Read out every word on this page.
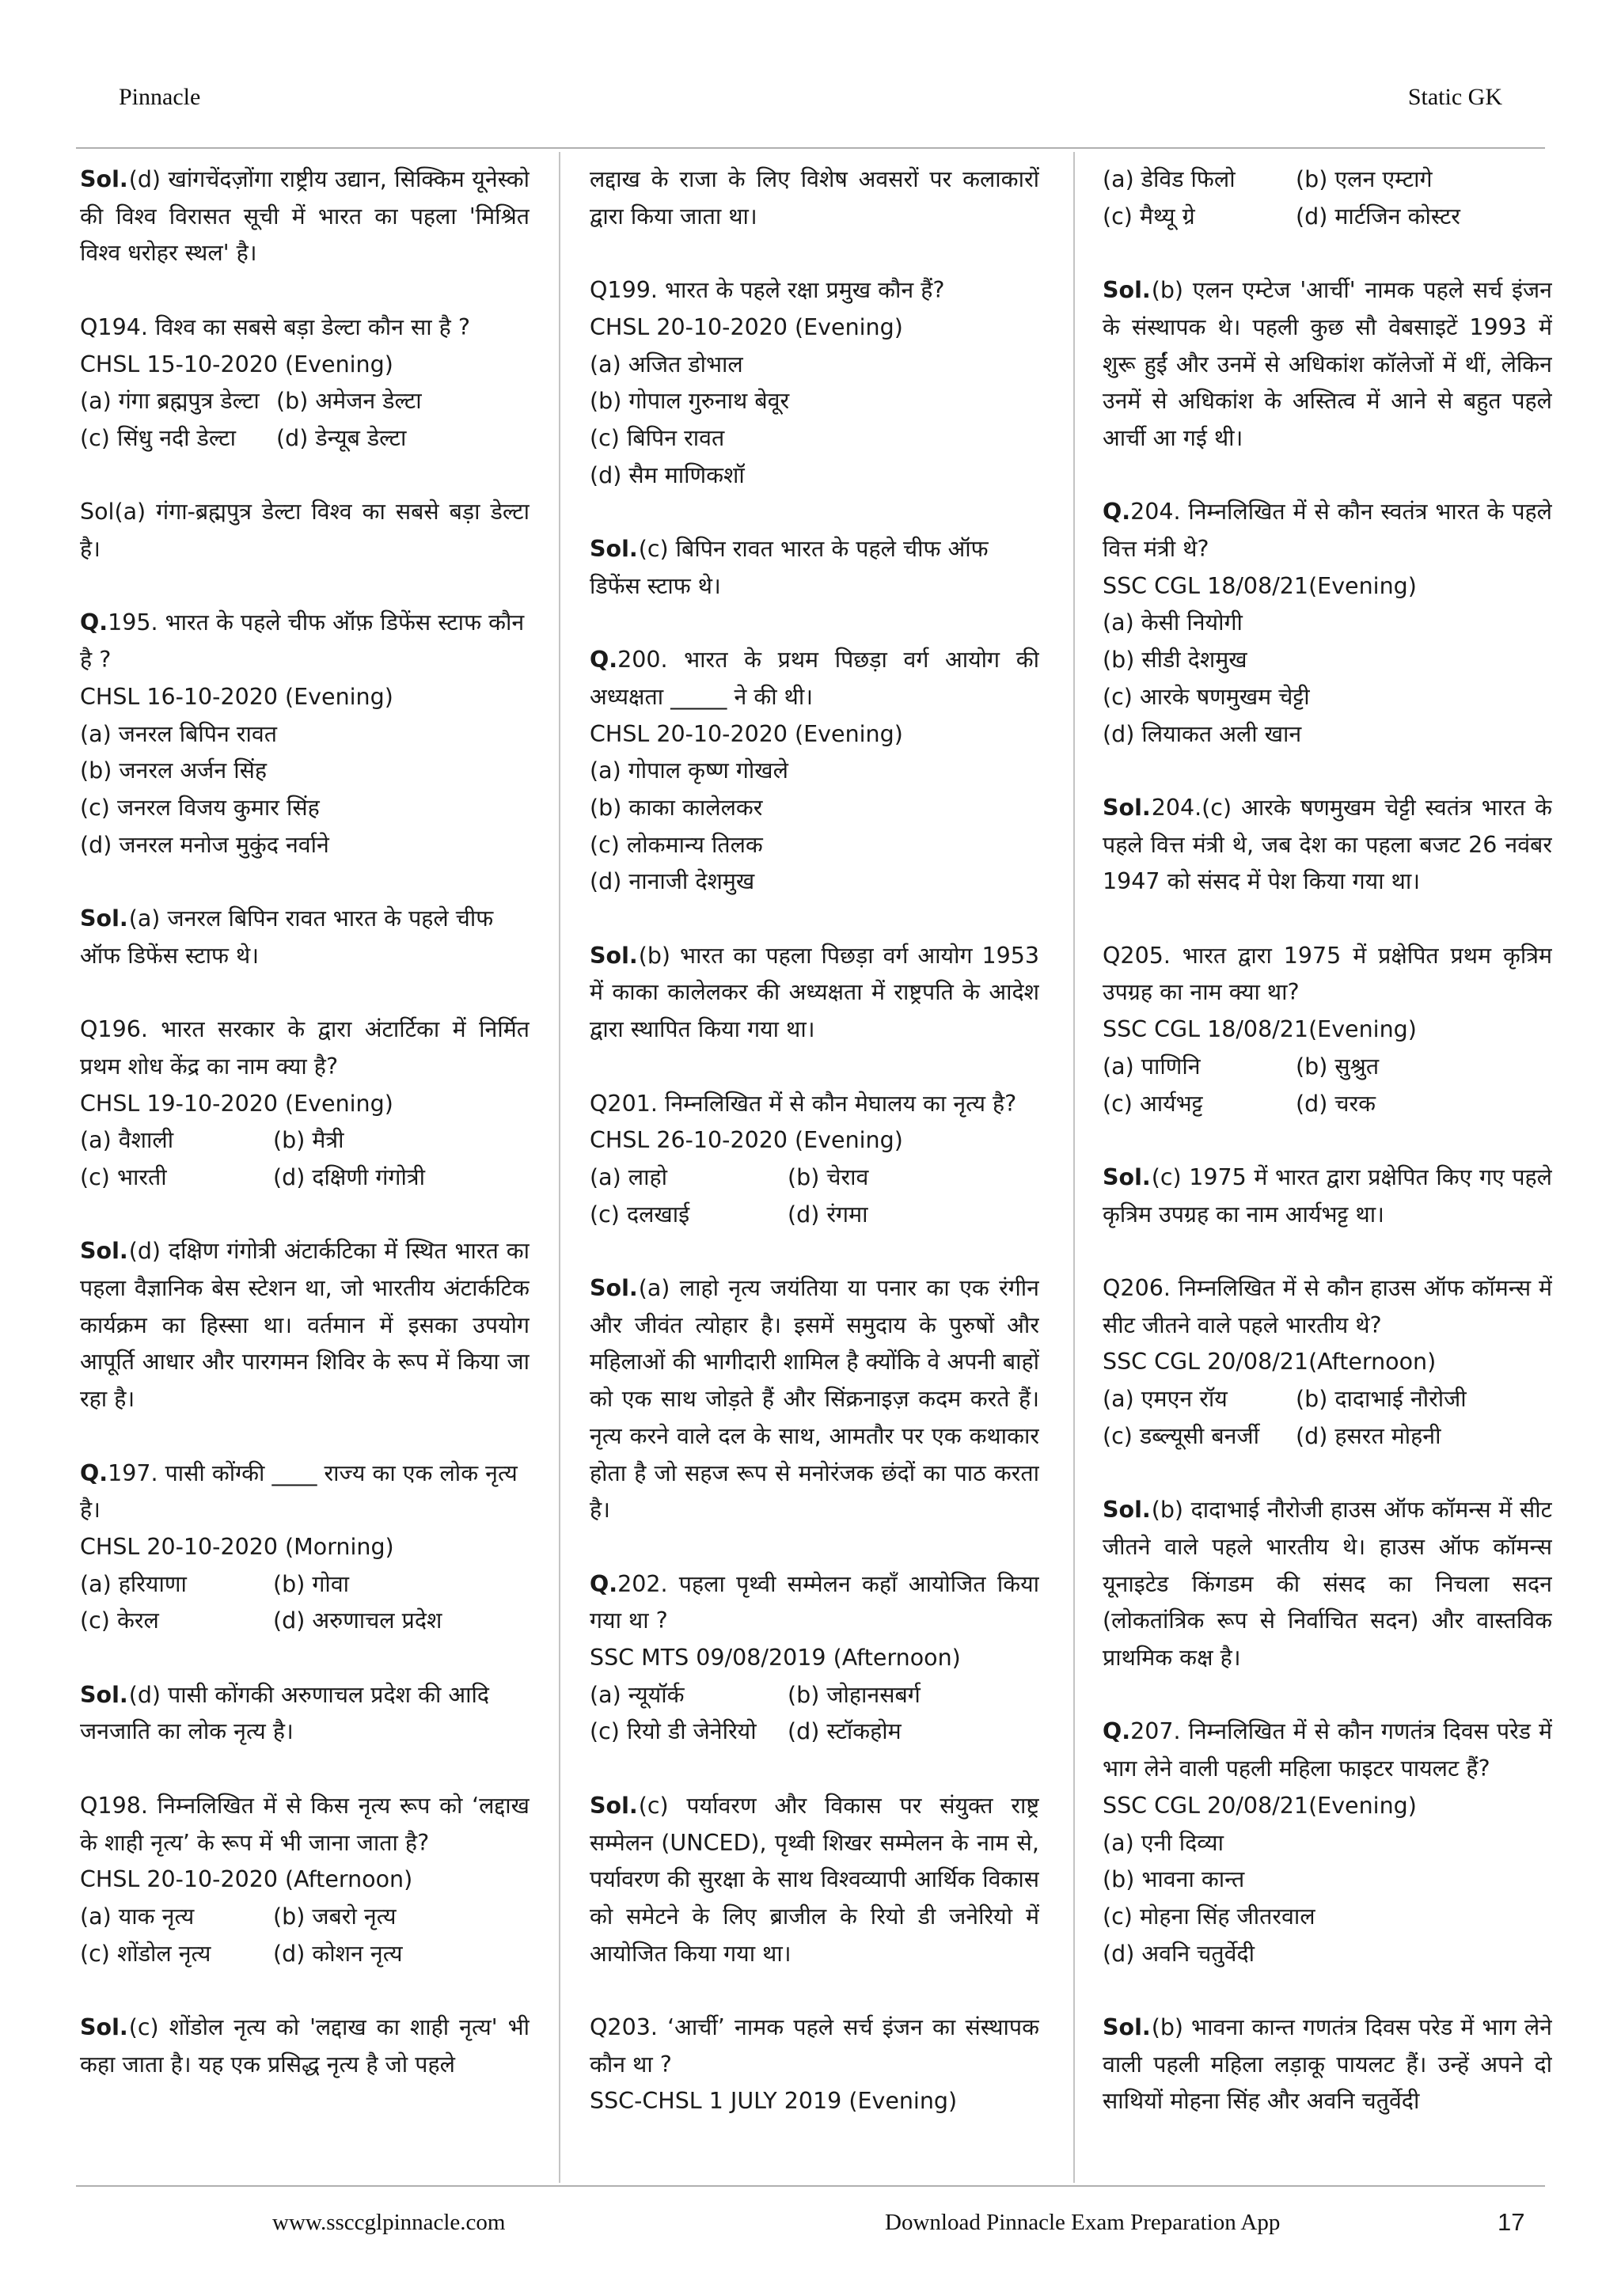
Pinnacle	Static GK

Sol.(d) खांगचेंदज़ोंगा राष्ट्रीय उद्यान, सिक्किम यूनेस्को की विश्व विरासत सूची में भारत का पहला 'मिश्रित विश्व धरोहर स्थल' है।

Q194. विश्व का सबसे बड़ा डेल्टा कौन सा है ?

CHSL 15-10-2020 (Evening)

(a) गंगा ब्रह्मपुत्र डेल्टा (b) अमेजन डेल्टा
(c) सिंधु नदी डेल्टा	(d) डेन्यूब डेल्टा

Sol(a) गंगा-ब्रह्मपुत्र डेल्टा विश्व का सबसे बड़ा डेल्टा है।

Q.195. भारत के पहले चीफ ऑफ़ डिफेंस स्टाफ कौन है ?

CHSL 16-10-2020 (Evening)

(a) जनरल बिपिन रावत

(b) जनरल अर्जन सिंह

(c) जनरल विजय कुमार सिंह

(d) जनरल मनोज मुकुंद नर्वाने

Sol.(a) जनरल बिपिन रावत भारत के पहले चीफ ऑफ डिफेंस स्टाफ थे।

Q196. भारत सरकार के द्वारा अंटार्टिका में निर्मित प्रथम शोध केंद्र का नाम क्या है?

CHSL 19-10-2020 (Evening)

(a) वैशाली	(b) मैत्री
(c) भारती	(d) दक्षिणी गंगोत्री

Sol.(d) दक्षिण गंगोत्री अंटार्कटिका में स्थित भारत का पहला वैज्ञानिक बेस स्टेशन था, जो भारतीय अंटार्कटिक कार्यक्रम का हिस्सा था। वर्तमान में इसका उपयोग आपूर्ति आधार और पारगमन शिविर के रूप में किया जा रहा है।

Q.197. पासी कोंग्की ____ राज्य का एक लोक नृत्य है।

CHSL 20-10-2020 (Morning)

(a) हरियाणा	(b) गोवा
(c) केरल	(d) अरुणाचल प्रदेश

Sol.(d) पासी कोंगकी अरुणाचल प्रदेश की आदि जनजाति का लोक नृत्य है।

Q198. निम्नलिखित में से किस नृत्य रूप को ‘लद्दाख के शाही नृत्य’ के रूप में भी जाना जाता है?

CHSL 20-10-2020 (Afternoon)

(a) याक नृत्य	(b) जबरो नृत्य
(c) शोंडोल नृत्य	(d) कोशन नृत्य

Sol.(c) शोंडोल नृत्य को 'लद्दाख का शाही नृत्य' भी कहा जाता है। यह एक प्रसिद्ध नृत्य है जो पहले

लद्दाख के राजा के लिए विशेष अवसरों पर कलाकारों द्वारा किया जाता था।

Q199. भारत के पहले रक्षा प्रमुख कौन हैं?

CHSL 20-10-2020 (Evening)

(a) अजित डोभाल

(b) गोपाल गुरुनाथ बेवूर

(c) बिपिन रावत

(d) सैम माणिकशॉ

Sol.(c) बिपिन रावत भारत के पहले चीफ ऑफ डिफेंस स्टाफ थे।

Q.200. भारत के प्रथम पिछड़ा वर्ग आयोग की अध्यक्षता _____ ने की थी।

CHSL 20-10-2020 (Evening)

(a) गोपाल कृष्ण गोखले

(b) काका कालेलकर

(c) लोकमान्य तिलक

(d) नानाजी देशमुख

Sol.(b) भारत का पहला पिछड़ा वर्ग आयोग 1953 में काका कालेलकर की अध्यक्षता में राष्ट्रपति के आदेश द्वारा स्थापित किया गया था।

Q201. निम्नलिखित में से कौन मेघालय का नृत्य है?

CHSL 26-10-2020 (Evening)

(a) लाहो	(b) चेराव
(c) दलखाई	(d) रंगमा

Sol.(a) लाहो नृत्य जयंतिया या पनार का एक रंगीन और जीवंत त्योहार है। इसमें समुदाय के पुरुषों और महिलाओं की भागीदारी शामिल है क्योंकि वे अपनी बाहों को एक साथ जोड़ते हैं और सिंक्रनाइज़ कदम करते हैं। नृत्य करने वाले दल के साथ, आमतौर पर एक कथाकार होता है जो सहज रूप से मनोरंजक छंदों का पाठ करता है।

Q.202. पहला पृथ्वी सम्मेलन कहाँ आयोजित किया गया था ?

SSC MTS 09/08/2019 (Afternoon)

(a) न्यूयॉर्क	(b) जोहानसबर्ग
(c) रियो डी जेनेरियो	(d) स्टॉकहोम

Sol.(c) पर्यावरण और विकास पर संयुक्त राष्ट्र सम्मेलन (UNCED), पृथ्वी शिखर सम्मेलन के नाम से, पर्यावरण की सुरक्षा के साथ विश्वव्यापी आर्थिक विकास को समेटने के लिए ब्राजील के रियो डी जनेरियो में आयोजित किया गया था।

Q203. ‘आर्ची’ नामक पहले सर्च इंजन का संस्थापक कौन था ?

SSC-CHSL 1 JULY 2019 (Evening)

(a) डेविड फिलो	(b) एलन एम्टागे
(c) मैथ्यू ग्रे	(d) मार्टजिन कोस्टर

Sol.(b) एलन एम्टेज 'आर्ची' नामक पहले सर्च इंजन के संस्थापक थे। पहली कुछ सौ वेबसाइटें 1993 में शुरू हुईं और उनमें से अधिकांश कॉलेजों में थीं, लेकिन उनमें से अधिकांश के अस्तित्व में आने से बहुत पहले आर्ची आ गई थी।

Q.204. निम्नलिखित में से कौन स्वतंत्र भारत के पहले वित्त मंत्री थे?

SSC CGL 18/08/21(Evening)

(a) केसी नियोगी

(b) सीडी देशमुख

(c) आरके षणमुखम चेट्टी

(d) लियाकत अली खान

Sol.204.(c) आरके षणमुखम चेट्टी स्वतंत्र भारत के पहले वित्त मंत्री थे, जब देश का पहला बजट 26 नवंबर 1947 को संसद में पेश किया गया था।

Q205. भारत द्वारा 1975 में प्रक्षेपित प्रथम कृत्रिम उपग्रह का नाम क्या था?

SSC CGL 18/08/21(Evening)

(a) पाणिनि	(b) सुश्रुत
(c) आर्यभट्ट	(d) चरक

Sol.(c) 1975 में भारत द्वारा प्रक्षेपित किए गए पहले कृत्रिम उपग्रह का नाम आर्यभट्ट था।

Q206. निम्नलिखित में से कौन हाउस ऑफ कॉमन्स में सीट जीतने वाले पहले भारतीय थे?

SSC CGL 20/08/21(Afternoon)

(a) एमएन रॉय	(b) दादाभाई नौरोजी
(c) डब्ल्यूसी बनर्जी	(d) हसरत मोहनी

Sol.(b) दादाभाई नौरोजी हाउस ऑफ कॉमन्स में सीट जीतने वाले पहले भारतीय थे। हाउस ऑफ कॉमन्स यूनाइटेड किंगडम की संसद का निचला सदन (लोकतांत्रिक रूप से निर्वाचित सदन) और वास्तविक प्राथमिक कक्ष है।

Q.207. निम्नलिखित में से कौन गणतंत्र दिवस परेड में भाग लेने वाली पहली महिला फाइटर पायलट हैं?

SSC CGL 20/08/21(Evening)

(a) एनी दिव्या

(b) भावना कान्त

(c) मोहना सिंह जीतरवाल

(d) अवनि चतुर्वेदी

Sol.(b) भावना कान्त गणतंत्र दिवस परेड में भाग लेने वाली पहली महिला लड़ाकू पायलट हैं। उन्हें अपने दो साथियों मोहना सिंह और अवनि चतुर्वेदी

www.ssccglpinnacle.com	Download Pinnacle Exam Preparation App	17
